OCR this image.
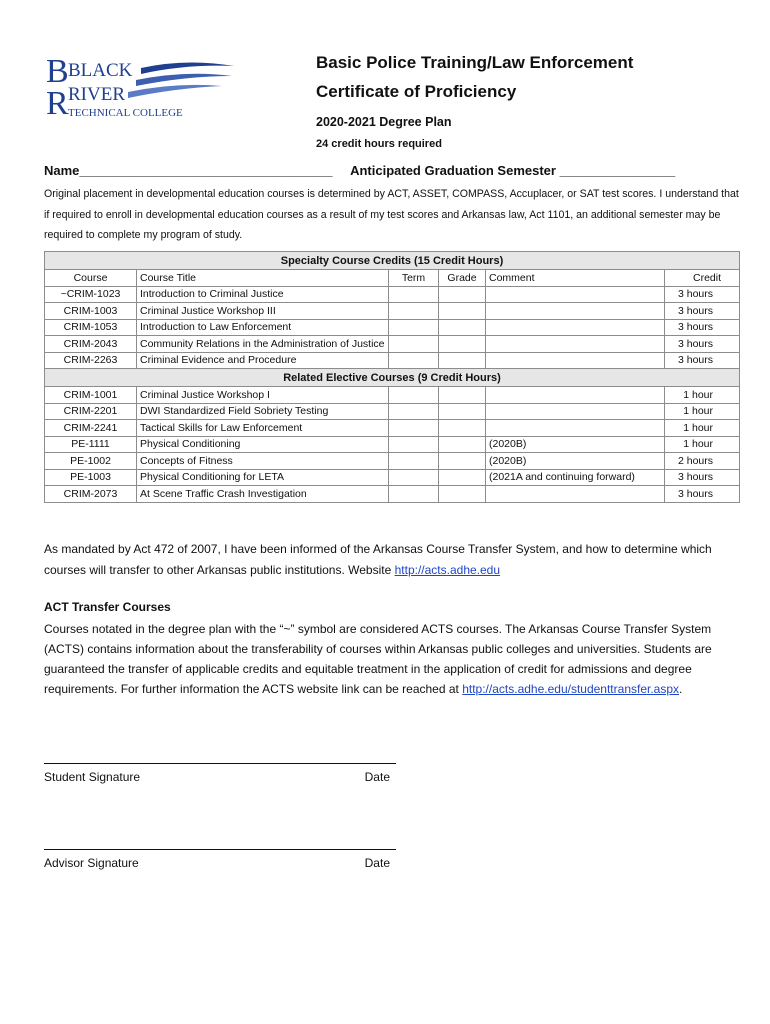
B BLACK
R RIVER
TECHNICAL COLLEGE
Basic Police Training/Law Enforcement
Certificate of Proficiency
2020-2021 Degree Plan
24 credit hours required
Name___________________________________ Anticipated Graduation Semester ________________
Original placement in developmental education courses is determined by ACT, ASSET, COMPASS, Accuplacer, or SAT test scores. I understand that if required to enroll in developmental education courses as a result of my test scores and Arkansas law, Act 1101, an additional semester may be required to complete my program of study.
Specialty Course Credits (15 Credit Hours)					
Course	Course Title	Term	Grade	Comment	Credit
~CRIM-1023	Introduction to Criminal Justice				3 hours
CRIM-1003	Criminal Justice Workshop III				3 hours
CRIM-1053	Introduction to Law Enforcement				3 hours
CRIM-2043	Community Relations in the Administration of Justice				3 hours
CRIM-2263	Criminal Evidence and Procedure				3 hours
Related Elective Courses (9 Credit Hours)					
CRIM-1001	Criminal Justice Workshop I				1 hour
CRIM-2201	DWI Standardized Field Sobriety Testing				1 hour
CRIM-2241	Tactical Skills for Law Enforcement				1 hour
PE-1111	Physical Conditioning			(2020B)	1 hour
PE-1002	Concepts of Fitness			(2020B)	2 hours
PE-1003	Physical Conditioning for LETA			(2021A and continuing forward)	3 hours
CRIM-2073	At Scene Traffic Crash Investigation				3 hours
As mandated by Act 472 of 2007, I have been informed of the Arkansas Course Transfer System, and how to determine which courses will transfer to other Arkansas public institutions. Website http://acts.adhe.edu
ACT Transfer Courses
Courses notated in the degree plan with the “~” symbol are considered ACTS courses. The Arkansas Course Transfer System (ACTS) contains information about the transferability of courses within Arkansas public colleges and universities. Students are guaranteed the transfer of applicable credits and equitable treatment in the application of credit for admissions and degree requirements. For further information the ACTS website link can be reached at http://acts.adhe.edu/studenttransfer.aspx.
Student Signature	Date
Advisor Signature	Date
